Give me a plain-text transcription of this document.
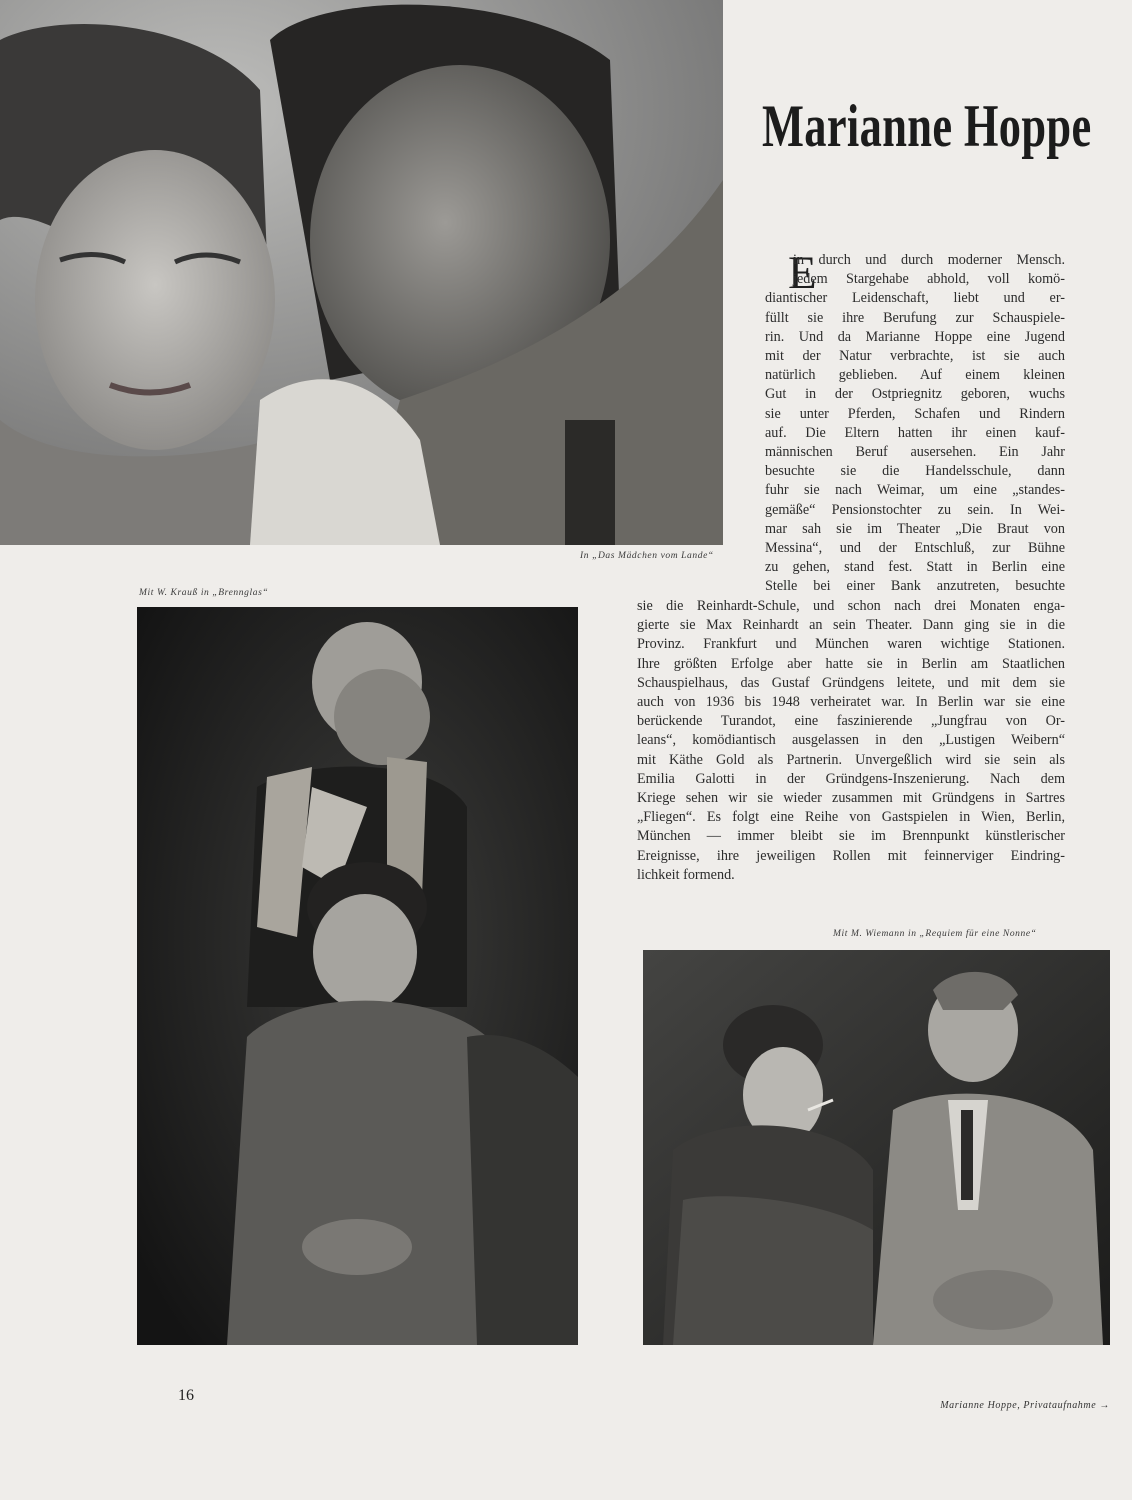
In „Das Mädchen vom Lande“
Marianne Hoppe
E
in durch und durch moderner Mensch.
jedem Stargehabe abhold, voll komö-
diantischer Leidenschaft, liebt und er-
füllt sie ihre Berufung zur Schauspiele-
rin. Und da Marianne Hoppe eine Jugend
mit der Natur verbrachte, ist sie auch
natürlich geblieben. Auf einem kleinen
Gut in der Ostpriegnitz geboren, wuchs
sie unter Pferden, Schafen und Rindern
auf. Die Eltern hatten ihr einen kauf-
männischen Beruf ausersehen. Ein Jahr
besuchte sie die Handelsschule, dann
fuhr sie nach Weimar, um eine „standes-
gemäße“ Pensionstochter zu sein. In Wei-
mar sah sie im Theater „Die Braut von
Messina“, und der Entschluß, zur Bühne
zu gehen, stand fest. Statt in Berlin eine
Stelle bei einer Bank anzutreten, besuchte
sie die Reinhardt-Schule, und schon nach drei Monaten enga-
gierte sie Max Reinhardt an sein Theater. Dann ging sie in die
Provinz. Frankfurt und München waren wichtige Stationen.
Ihre größten Erfolge aber hatte sie in Berlin am Staatlichen
Schauspielhaus, das Gustaf Gründgens leitete, und mit dem sie
auch von 1936 bis 1948 verheiratet war. In Berlin war sie eine
berückende Turandot, eine faszinierende „Jungfrau von Or-
leans“, komödiantisch ausgelassen in den „Lustigen Weibern“
mit Käthe Gold als Partnerin. Unvergeßlich wird sie sein als
Emilia Galotti in der Gründgens-Inszenierung. Nach dem
Kriege sehen wir sie wieder zusammen mit Gründgens in Sartres
„Fliegen“. Es folgt eine Reihe von Gastspielen in Wien, Berlin,
München — immer bleibt sie im Brennpunkt künstlerischer
Ereignisse, ihre jeweiligen Rollen mit feinnerviger Eindring-
lichkeit formend.
Mit W. Krauß in „Brennglas“
Mit M. Wiemann in „Requiem für eine Nonne“
16
Marianne Hoppe, Privataufnahme →
